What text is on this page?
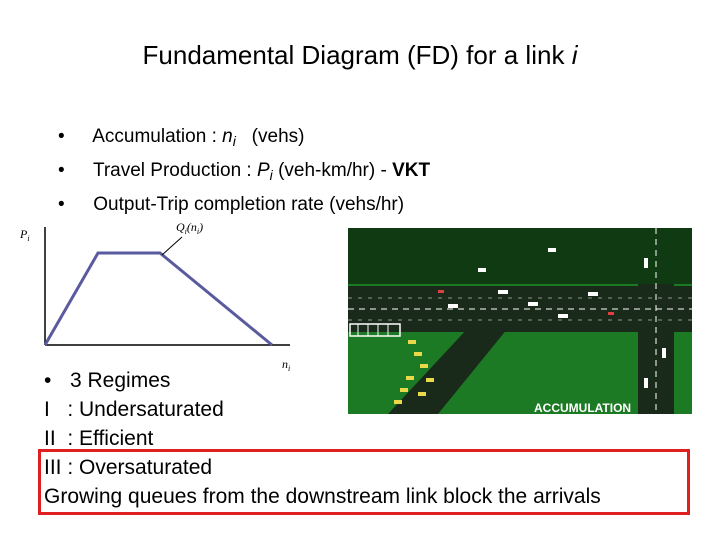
Fundamental Diagram (FD) for a link i
• Accumulation : $n_i$   (vehs)
• Travel Production : $P_i$ (veh-km/hr) - VKT
• Output-Trip completion rate (vehs/hr)
$P_i$
$Q_i(n_i)$
$n_i$
ACCUMULATION
• 3 Regimes
I   : Undersaturated
II  : Efficient
III : Oversaturated
Growing queues from the downstream link block the arrivals
